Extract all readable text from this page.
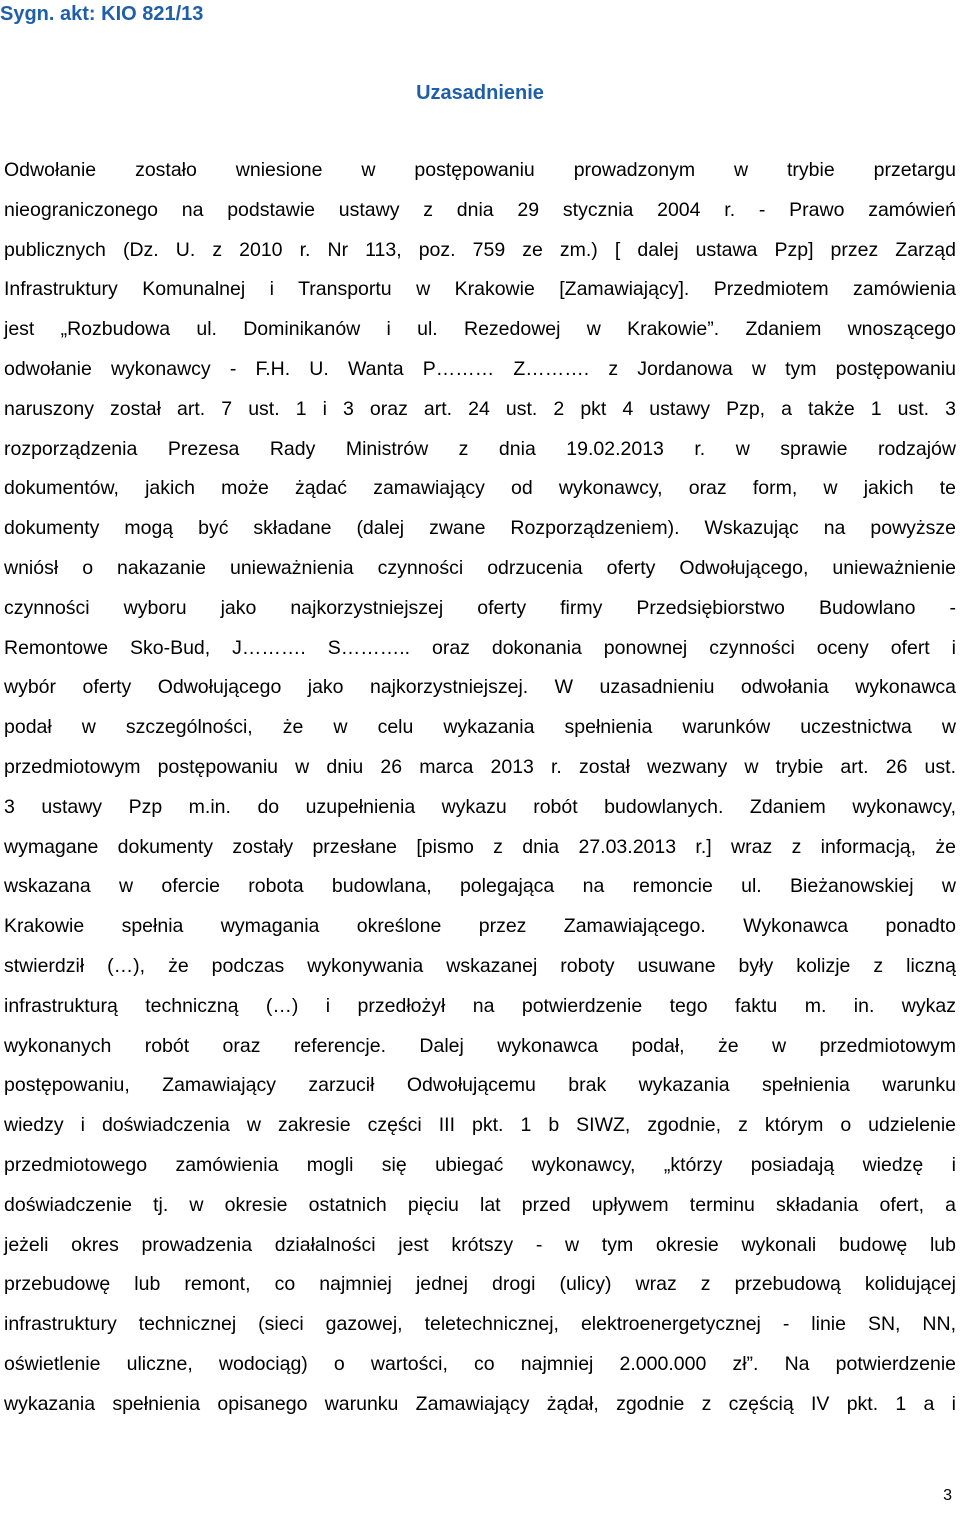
Sygn. akt: KIO 821/13
Uzasadnienie
Odwołanie zostało wniesione w postępowaniu prowadzonym w trybie przetargu
nieograniczonego na podstawie ustawy z dnia 29 stycznia 2004 r. - Prawo zamówień
publicznych (Dz. U. z 2010 r. Nr 113, poz. 759 ze zm.) [ dalej ustawa Pzp] przez Zarząd
Infrastruktury Komunalnej i Transportu w Krakowie [Zamawiający]. Przedmiotem zamówienia
jest „Rozbudowa ul. Dominikanów i ul. Rezedowej w Krakowie”. Zdaniem wnoszącego
odwołanie wykonawcy - F.H. U. Wanta P……… Z………. z Jordanowa w tym postępowaniu
naruszony został art. 7 ust. 1 i 3 oraz art. 24 ust. 2 pkt 4 ustawy Pzp, a także 1 ust. 3
rozporządzenia Prezesa Rady Ministrów z dnia 19.02.2013 r. w sprawie rodzajów
dokumentów, jakich może żądać zamawiający od wykonawcy, oraz form, w jakich te
dokumenty mogą być składane (dalej zwane Rozporządzeniem). Wskazując na powyższe
wniósł o nakazanie unieważnienia czynności odrzucenia oferty Odwołującego, unieważnienie
czynności wyboru jako najkorzystniejszej oferty firmy Przedsiębiorstwo Budowlano -
Remontowe Sko-Bud, J………. S……….. oraz dokonania ponownej czynności oceny ofert i
wybór oferty Odwołującego jako najkorzystniejszej. W uzasadnieniu odwołania wykonawca
podał w szczególności, że w celu wykazania spełnienia warunków uczestnictwa w
przedmiotowym postępowaniu w dniu 26 marca 2013 r. został wezwany w trybie art. 26 ust.
3 ustawy Pzp m.in. do uzupełnienia wykazu robót budowlanych. Zdaniem wykonawcy,
wymagane dokumenty zostały przesłane [pismo z dnia 27.03.2013 r.] wraz z informacją, że
wskazana w ofercie robota budowlana, polegająca na remoncie ul. Bieżanowskiej w
Krakowie spełnia wymagania określone przez Zamawiającego. Wykonawca ponadto
stwierdził (…), że podczas wykonywania wskazanej roboty usuwane były kolizje z liczną
infrastrukturą techniczną (…) i przedłożył na potwierdzenie tego faktu m. in. wykaz
wykonanych robót oraz referencje. Dalej wykonawca podał, że w przedmiotowym
postępowaniu, Zamawiający zarzucił Odwołującemu brak wykazania spełnienia warunku
wiedzy i doświadczenia w zakresie części III pkt. 1 b SIWZ, zgodnie, z którym o udzielenie
przedmiotowego zamówienia mogli się ubiegać wykonawcy, „którzy posiadają wiedzę i
doświadczenie tj. w okresie ostatnich pięciu lat przed upływem terminu składania ofert, a
jeżeli okres prowadzenia działalności jest krótszy - w tym okresie wykonali budowę lub
przebudowę lub remont, co najmniej jednej drogi (ulicy) wraz z przebudową kolidującej
infrastruktury technicznej (sieci gazowej, teletechnicznej, elektroenergetycznej - linie SN, NN,
oświetlenie uliczne, wodociąg) o wartości, co najmniej 2.000.000 zł”. Na potwierdzenie
wykazania spełnienia opisanego warunku Zamawiający żądał, zgodnie z częścią IV pkt. 1 a i
3
